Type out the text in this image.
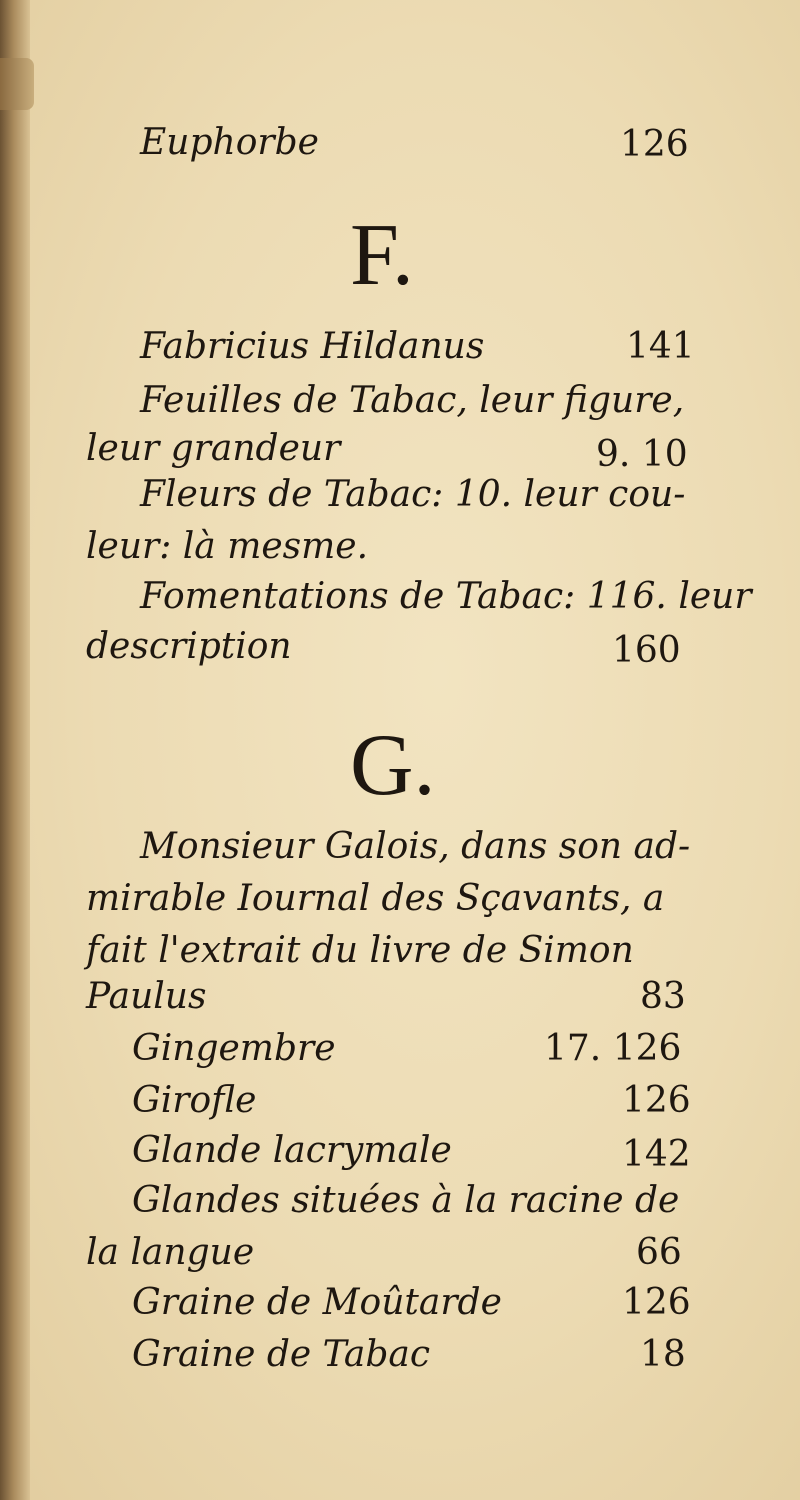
Euphorbe	126
F.
Fabricius Hildanus	141
Feuilles de Tabac, leur figure,
leur grandeur	9. 10
Fleurs de Tabac: 10. leur cou-
leur: là mesme.
Fomentations de Tabac: 116. leur
description	160
G.
Monsieur Galois, dans son ad-
mirable Iournal des Sçavants, a
fait l'extrait du livre de Simon
Paulus	83
Gingembre	17. 126
Girofle	126
Glande lacrymale	142
Glandes situées à la racine de
la langue	66
Graine de Moûtarde	126
Graine de Tabac	18
